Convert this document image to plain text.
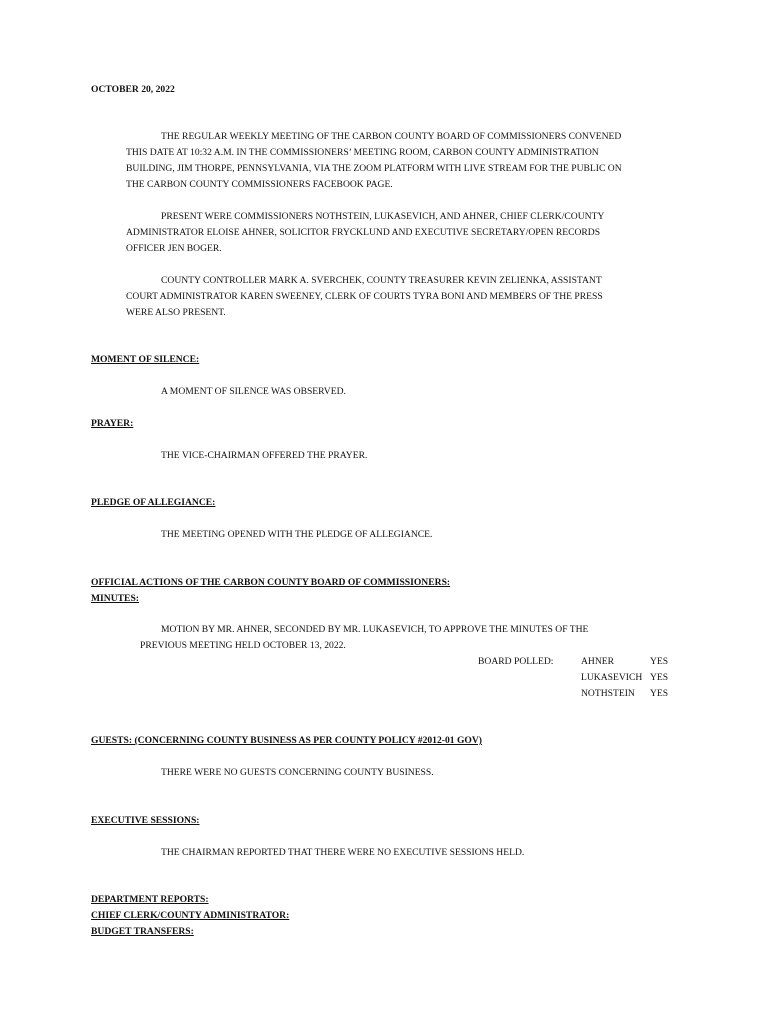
OCTOBER 20, 2022
THE REGULAR WEEKLY MEETING OF THE CARBON COUNTY BOARD OF COMMISSIONERS CONVENED
THIS DATE AT 10:32 A.M. IN THE COMMISSIONERS’ MEETING ROOM, CARBON COUNTY ADMINISTRATION
BUILDING, JIM THORPE, PENNSYLVANIA, VIA THE ZOOM PLATFORM WITH LIVE STREAM FOR THE PUBLIC ON
THE CARBON COUNTY COMMISSIONERS FACEBOOK PAGE.
PRESENT WERE COMMISSIONERS NOTHSTEIN, LUKASEVICH, AND AHNER, CHIEF CLERK/COUNTY
ADMINISTRATOR ELOISE AHNER, SOLICITOR FRYCKLUND AND EXECUTIVE SECRETARY/OPEN RECORDS
OFFICER JEN BOGER.
COUNTY CONTROLLER MARK A. SVERCHEK, COUNTY TREASURER KEVIN ZELIENKA, ASSISTANT
COURT ADMINISTRATOR KAREN SWEENEY, CLERK OF COURTS TYRA BONI AND MEMBERS OF THE PRESS
WERE ALSO PRESENT.
MOMENT OF SILENCE:
A MOMENT OF SILENCE WAS OBSERVED.
PRAYER:
THE VICE-CHAIRMAN OFFERED THE PRAYER.
PLEDGE OF ALLEGIANCE:
THE MEETING OPENED WITH THE PLEDGE OF ALLEGIANCE.
OFFICIAL ACTIONS OF THE CARBON COUNTY BOARD OF COMMISSIONERS:
MINUTES:
MOTION BY MR. AHNER, SECONDED BY MR. LUKASEVICH, TO APPROVE THE MINUTES OF THE
PREVIOUS MEETING HELD OCTOBER 13, 2022.
BOARD POLLED:	AHNER	YES
LUKASEVICH YES
NOTHSTEIN YES
GUESTS: (CONCERNING COUNTY BUSINESS AS PER COUNTY POLICY #2012-01 GOV)
THERE WERE NO GUESTS CONCERNING COUNTY BUSINESS.
EXECUTIVE SESSIONS:
THE CHAIRMAN REPORTED THAT THERE WERE NO EXECUTIVE SESSIONS HELD.
DEPARTMENT REPORTS:
CHIEF CLERK/COUNTY ADMINISTRATOR:
BUDGET TRANSFERS:
